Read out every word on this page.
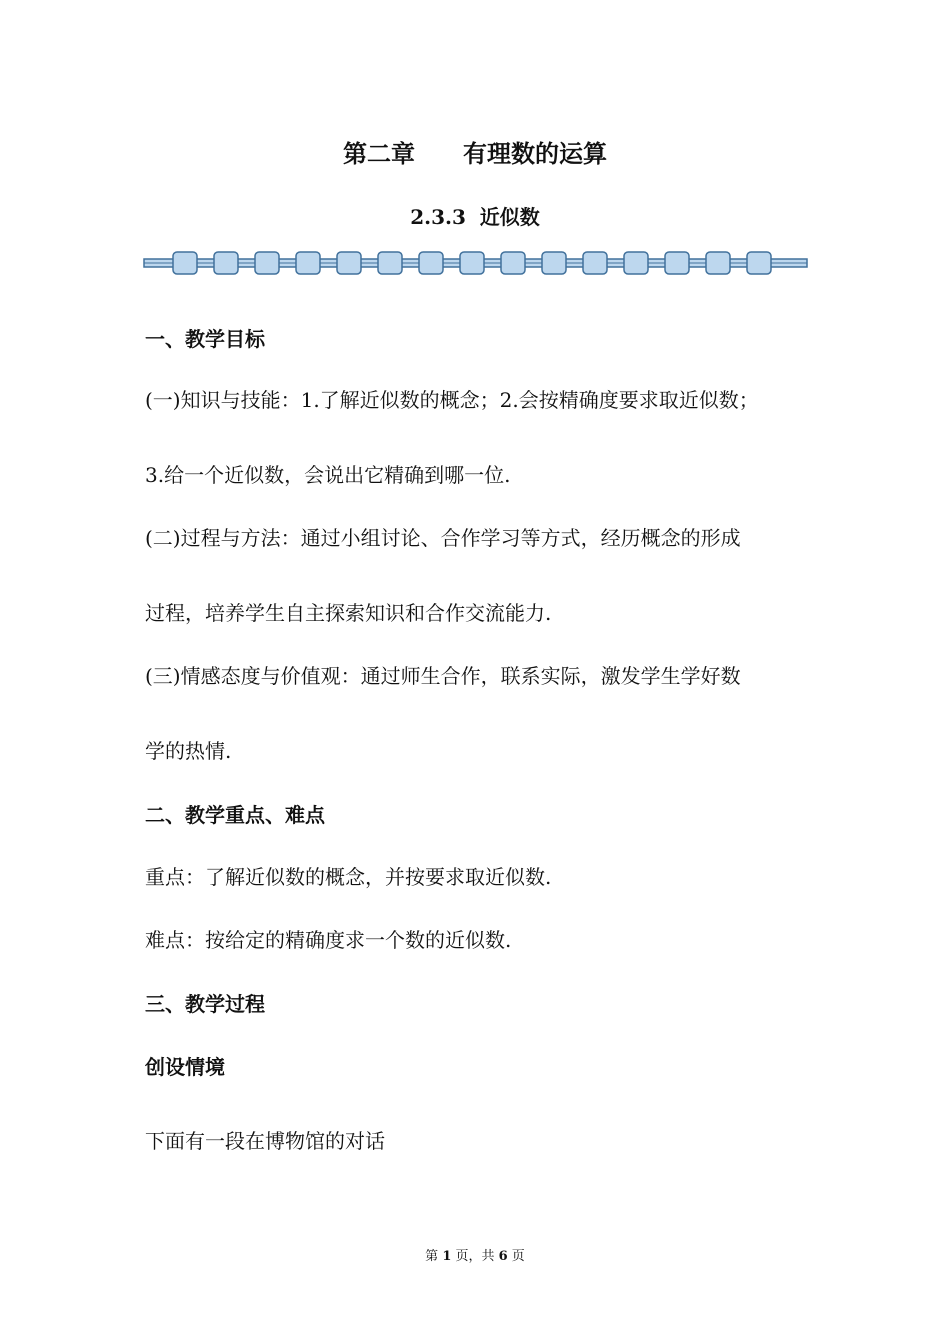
第二章　　有理数的运算
2.3.3  近似数
一、教学目标
(一)知识与技能：1.了解近似数的概念；2.会按精确度要求取近似数；
3.给一个近似数，会说出它精确到哪一位.
(二)过程与方法：通过小组讨论、合作学习等方式，经历概念的形成
过程，培养学生自主探索知识和合作交流能力.
(三)情感态度与价值观：通过师生合作，联系实际，激发学生学好数
学的热情.
二、教学重点、难点
重点：了解近似数的概念，并按要求取近似数.
难点：按给定的精确度求一个数的近似数.
三、教学过程
创设情境
下面有一段在博物馆的对话
第 1 页，共 6 页
